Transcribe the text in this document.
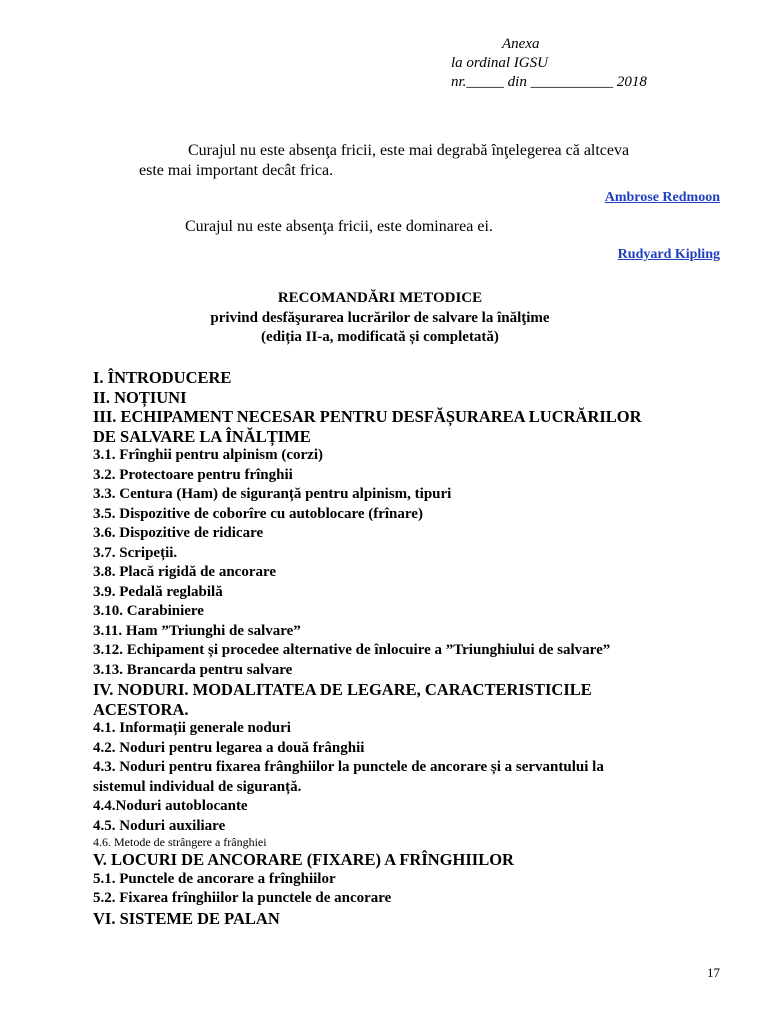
Anexa
la ordinal IGSU
nr._____ din ___________ 2018
Curajul nu este absenţa fricii, este mai degrabă înţelegerea că altceva
este mai important decât frica.
Ambrose Redmoon
Curajul nu este absenţa fricii, este dominarea ei.
Rudyard Kipling
RECOMANDĂRI METODICE
privind desfăşurarea lucrărilor de salvare la înălţime
(ediția II-a, modificată și completată)
I. ÎNTRODUCERE
II. NOȚIUNI
III. ECHIPAMENT NECESAR PENTRU DESFĂȘURAREA LUCRĂRILOR
DE SALVARE LA ÎNĂLȚIME
3.1. Frînghii pentru alpinism (corzi)
3.2. Protectoare pentru frînghii
3.3. Centura (Ham) de siguranță pentru alpinism, tipuri
3.5. Dispozitive de coborîre cu autoblocare (frînare)
3.6. Dispozitive de ridicare
3.7. Scripeții.
3.8. Placă rigidă de ancorare
3.9. Pedală reglabilă
3.10. Carabiniere
3.11. Ham ”Triunghi de salvare”
3.12. Echipament și procedee alternative de înlocuire a ”Triunghiului de salvare”
3.13. Brancarda pentru salvare
IV. NODURI. MODALITATEA DE LEGARE, CARACTERISTICILE
ACESTORA.
4.1. Informații generale noduri
4.2. Noduri pentru legarea a două frânghii
4.3. Noduri pentru fixarea frânghiilor la punctele de ancorare și a servantului la
sistemul individual de siguranță.
4.4.Noduri autoblocante
4.5. Noduri auxiliare
4.6. Metode de strângere a frânghiei
V. LOCURI DE ANCORARE (FIXARE) A FRÎNGHIILOR
5.1. Punctele de ancorare a frînghiilor
5.2. Fixarea frînghiilor la punctele de ancorare
VI. SISTEME DE PALAN
17
